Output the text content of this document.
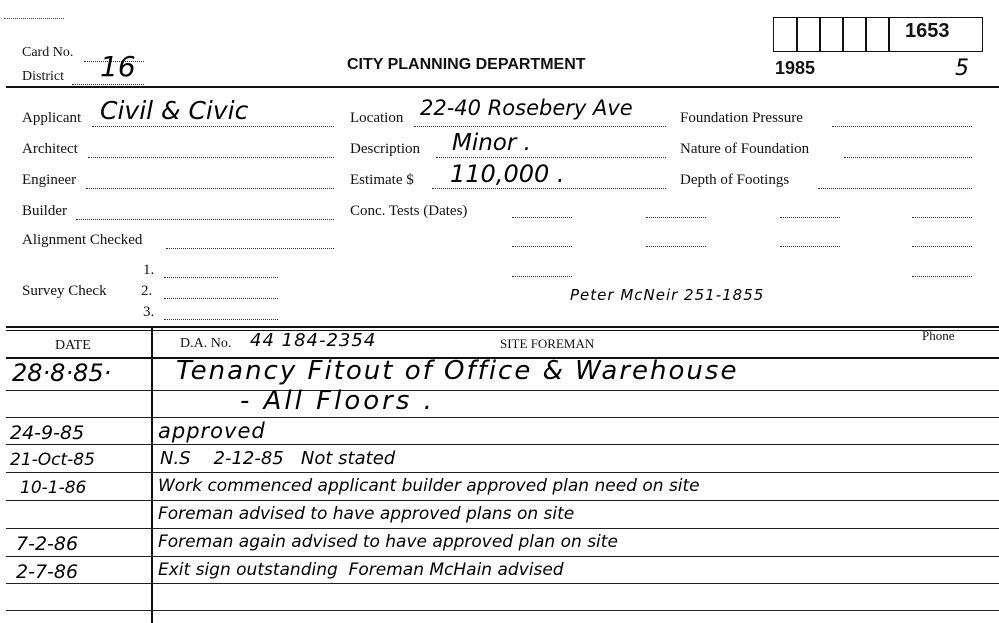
Card No.
District 16	CITY PLANNING DEPARTMENT	1985
1653
5
Applicant Civil & Civic
Architect
Engineer
Builder
Alignment Checked
Survey Check
1.
2.
3.
Location 22-40 Rosebery Ave
Description Minor .
Estimate $ 110,000 .
Conc. Tests (Dates)
Peter McNeir 251-1855
Foundation Pressure
Nature of Foundation
Depth of Footings
DATE	D.A. No. 44 184-2354	SITE FOREMAN
Phone
28·8·85· Tenancy Fitout of Office & Warehouse
- All Floors .
24-9-85	approved
21-Oct-85	N.S    2-12-85   Not stated
10-1-86	Work commenced applicant builder approved plan need on site
Foreman advised to have approved plans on site
7-2-86	Foreman again advised to have approved plan on site
2-7-86	Exit sign outstanding  Foreman McHain advised
